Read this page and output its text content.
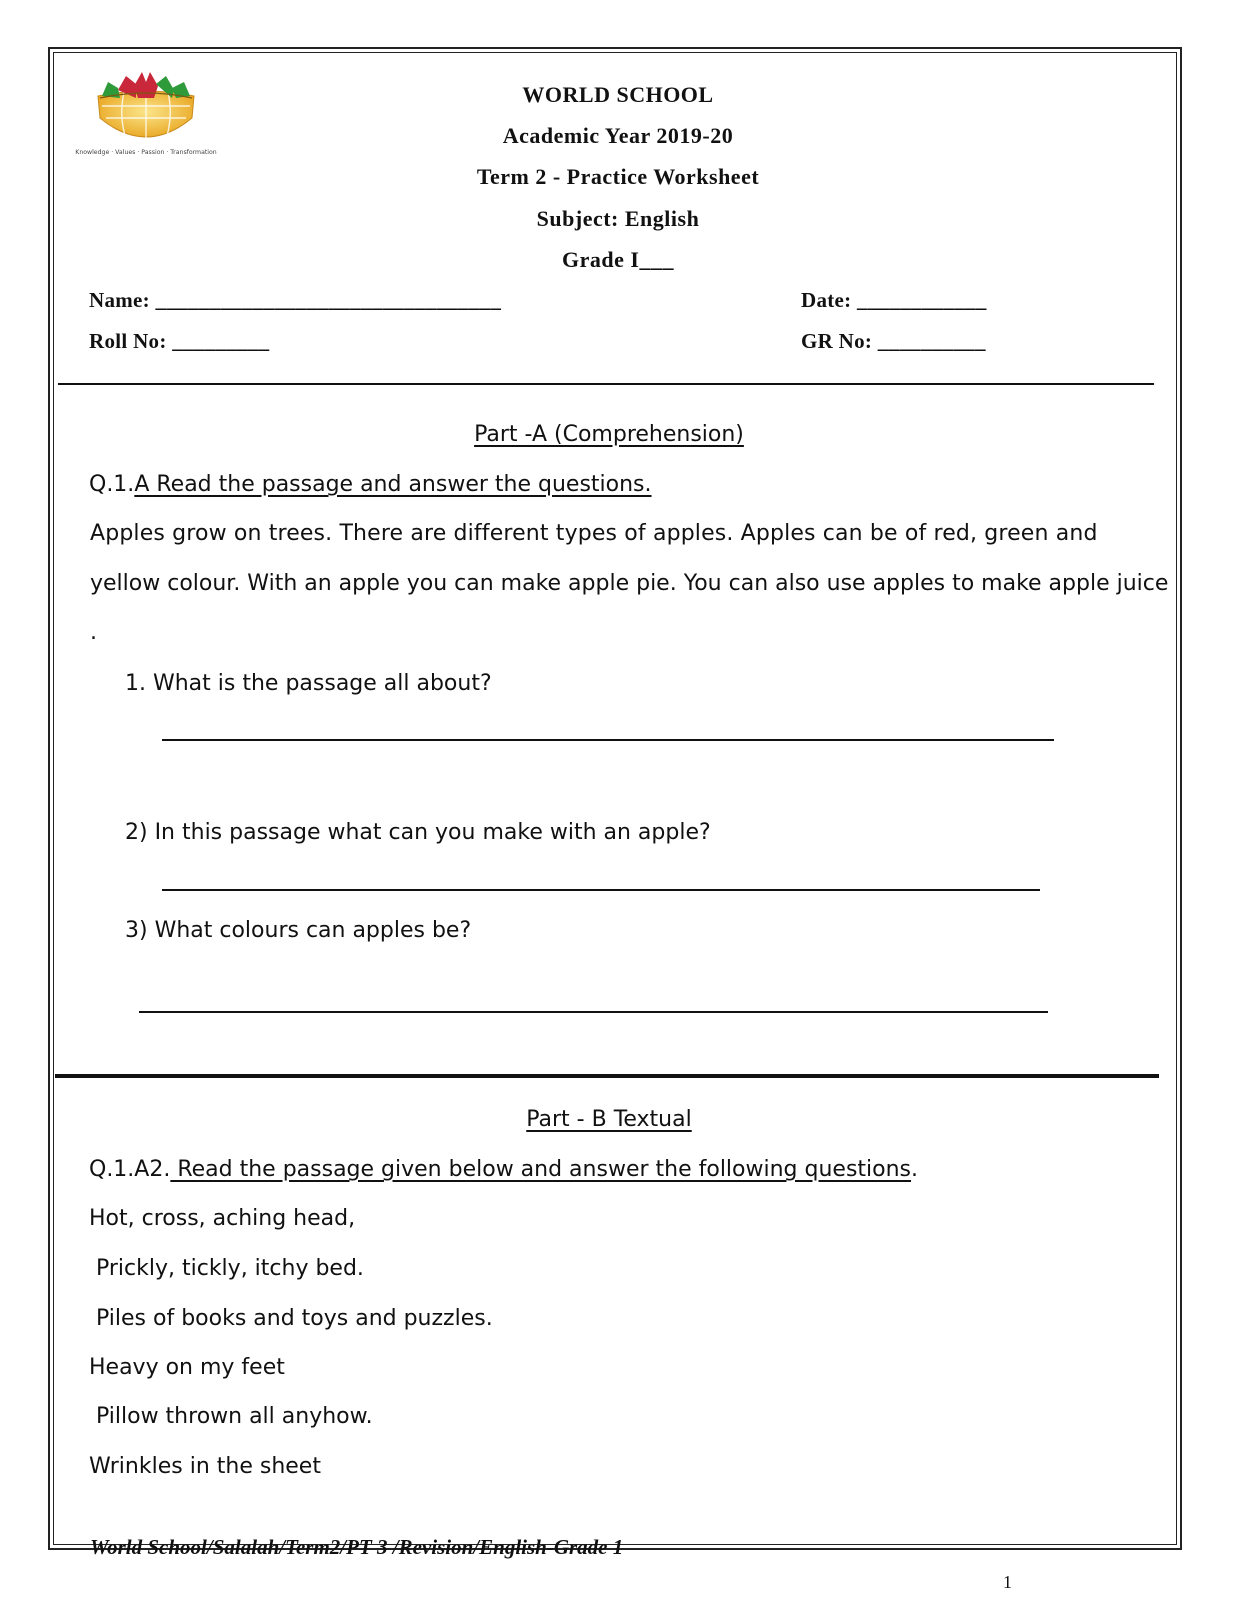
Knowledge · Values · Passion · Transformation
WORLD SCHOOL
Academic Year 2019-20
Term 2 - Practice Worksheet
Subject: English
Grade I___
Name: ________________________________	Date: ____________
Roll No: _________	GR No: __________
Part -A (Comprehension)
Q.1.A Read the passage and answer the questions.
Apples grow on trees. There are different types of apples. Apples can be of red, green and
yellow colour. With an apple you can make apple pie. You can also use apples to make apple juice
.
1. What is the passage all about?
2) In this passage what can you make with an apple?
3) What colours can apples be?
Part - B Textual
Q.1.A2. Read the passage given below and answer the following questions.
Hot, cross, aching head,
Prickly, tickly, itchy bed.
Piles of books and toys and puzzles.
Heavy on my feet
Pillow thrown all anyhow.
Wrinkles in the sheet
World School/Salalah/Term2/PT 3 /Revision/English-Grade 1
1
